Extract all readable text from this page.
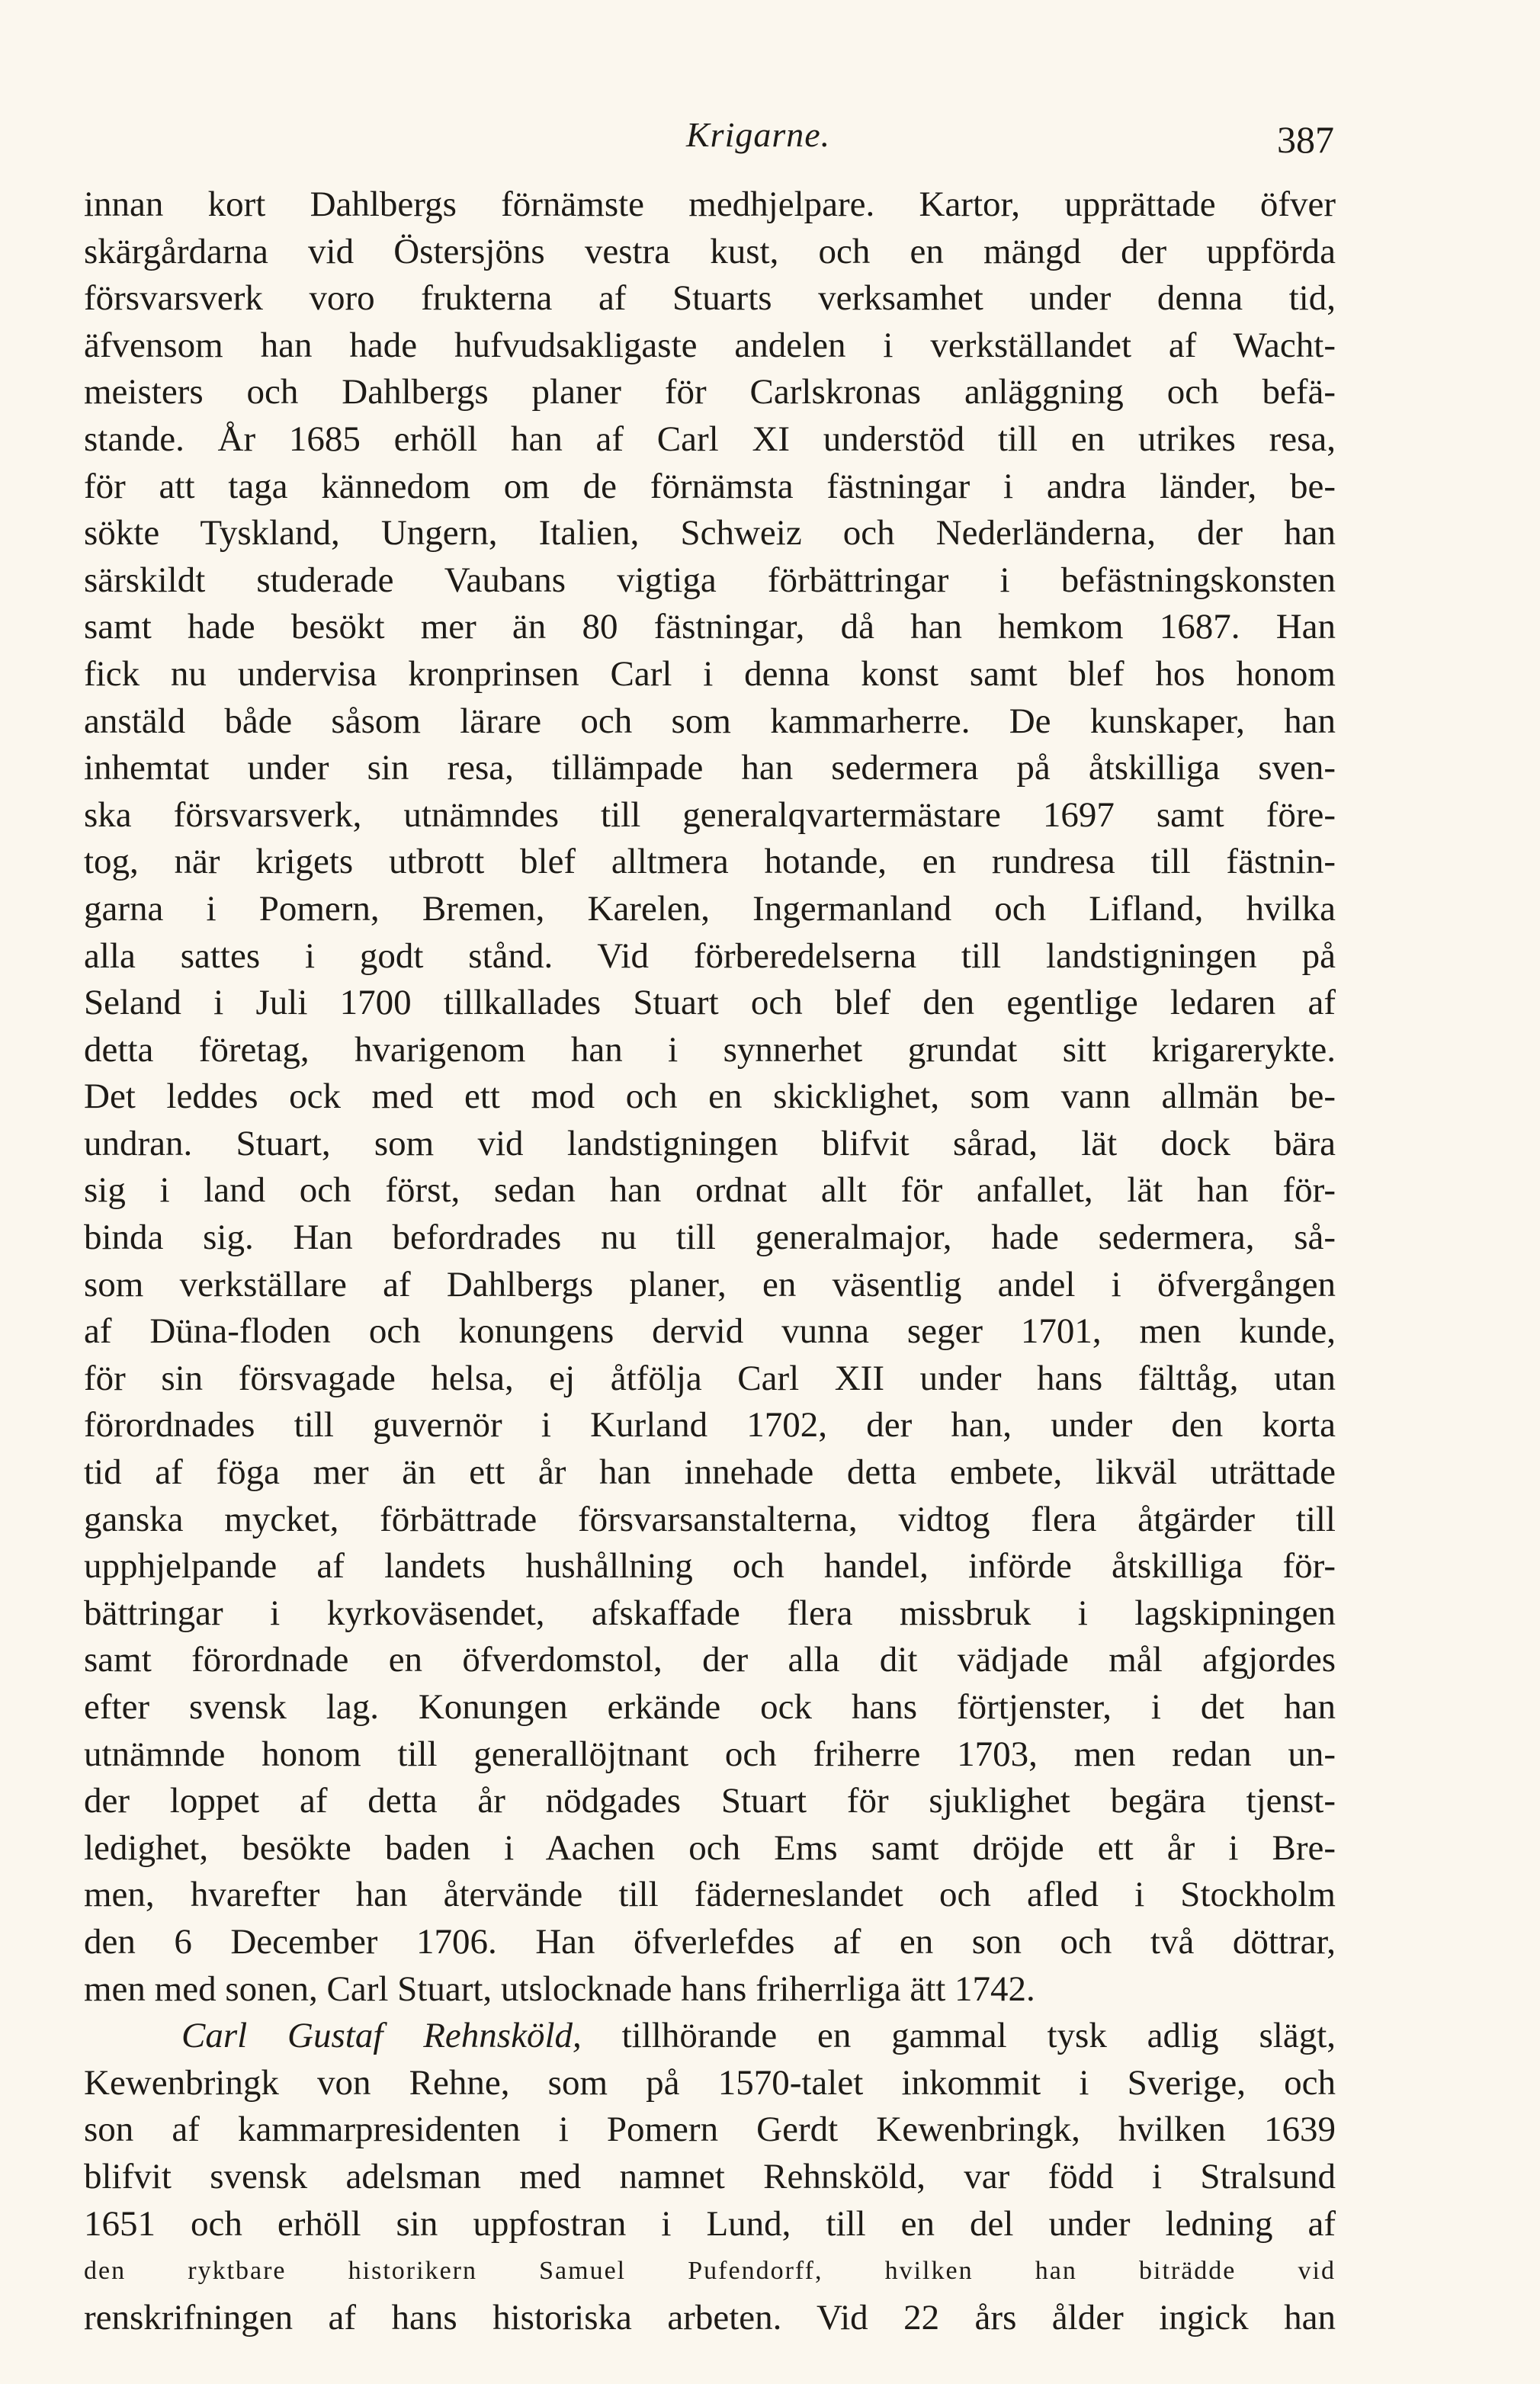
Krigarne.	387
innan kort Dahlbergs förnämste medhjelpare. Kartor, upprättade öfver
skärgårdarna vid Östersjöns vestra kust, och en mängd der uppförda
försvarsverk voro frukterna af Stuarts verksamhet under denna tid,
äfvensom han hade hufvudsakligaste andelen i verkställandet af Wacht-
meisters och Dahlbergs planer för Carlskronas anläggning och befä-
stande. År 1685 erhöll han af Carl XI understöd till en utrikes resa,
för att taga kännedom om de förnämsta fästningar i andra länder, be-
sökte Tyskland, Ungern, Italien, Schweiz och Nederländerna, der han
särskildt studerade Vaubans vigtiga förbättringar i befästningskonsten
samt hade besökt mer än 80 fästningar, då han hemkom 1687. Han
fick nu undervisa kronprinsen Carl i denna konst samt blef hos honom
anstäld både såsom lärare och som kammarherre. De kunskaper, han
inhemtat under sin resa, tillämpade han sedermera på åtskilliga sven-
ska försvarsverk, utnämndes till generalqvartermästare 1697 samt före-
tog, när krigets utbrott blef alltmera hotande, en rundresa till fästnin-
garna i Pomern, Bremen, Karelen, Ingermanland och Lifland, hvilka
alla sattes i godt stånd. Vid förberedelserna till landstigningen på
Seland i Juli 1700 tillkallades Stuart och blef den egentlige ledaren af
detta företag, hvarigenom han i synnerhet grundat sitt krigarerykte.
Det leddes ock med ett mod och en skicklighet, som vann allmän be-
undran. Stuart, som vid landstigningen blifvit sårad, lät dock bära
sig i land och först, sedan han ordnat allt för anfallet, lät han för-
binda sig. Han befordrades nu till generalmajor, hade sedermera, så-
som verkställare af Dahlbergs planer, en väsentlig andel i öfvergången
af Düna-floden och konungens dervid vunna seger 1701, men kunde,
för sin försvagade helsa, ej åtfölja Carl XII under hans fälttåg, utan
förordnades till guvernör i Kurland 1702, der han, under den korta
tid af föga mer än ett år han innehade detta embete, likväl uträttade
ganska mycket, förbättrade försvarsanstalterna, vidtog flera åtgärder till
upphjelpande af landets hushållning och handel, införde åtskilliga för-
bättringar i kyrkoväsendet, afskaffade flera missbruk i lagskipningen
samt förordnade en öfverdomstol, der alla dit vädjade mål afgjordes
efter svensk lag. Konungen erkände ock hans förtjenster, i det han
utnämnde honom till generallöjtnant och friherre 1703, men redan un-
der loppet af detta år nödgades Stuart för sjuklighet begära tjenst-
ledighet, besökte baden i Aachen och Ems samt dröjde ett år i Bre-
men, hvarefter han återvände till fäderneslandet och afled i Stockholm
den 6 December 1706. Han öfverlefdes af en son och två döttrar,
men med sonen, Carl Stuart, utslocknade hans friherrliga ätt 1742.
Carl Gustaf Rehnsköld, tillhörande en gammal tysk adlig slägt,
Kewenbringk von Rehne, som på 1570-talet inkommit i Sverige, och
son af kammarpresidenten i Pomern Gerdt Kewenbringk, hvilken 1639
blifvit svensk adelsman med namnet Rehnsköld, var född i Stralsund
1651 och erhöll sin uppfostran i Lund, till en del under ledning af
den ryktbare historikern Samuel Pufendorff, hvilken han biträdde vid
renskrifningen af hans historiska arbeten. Vid 22 års ålder ingick han
